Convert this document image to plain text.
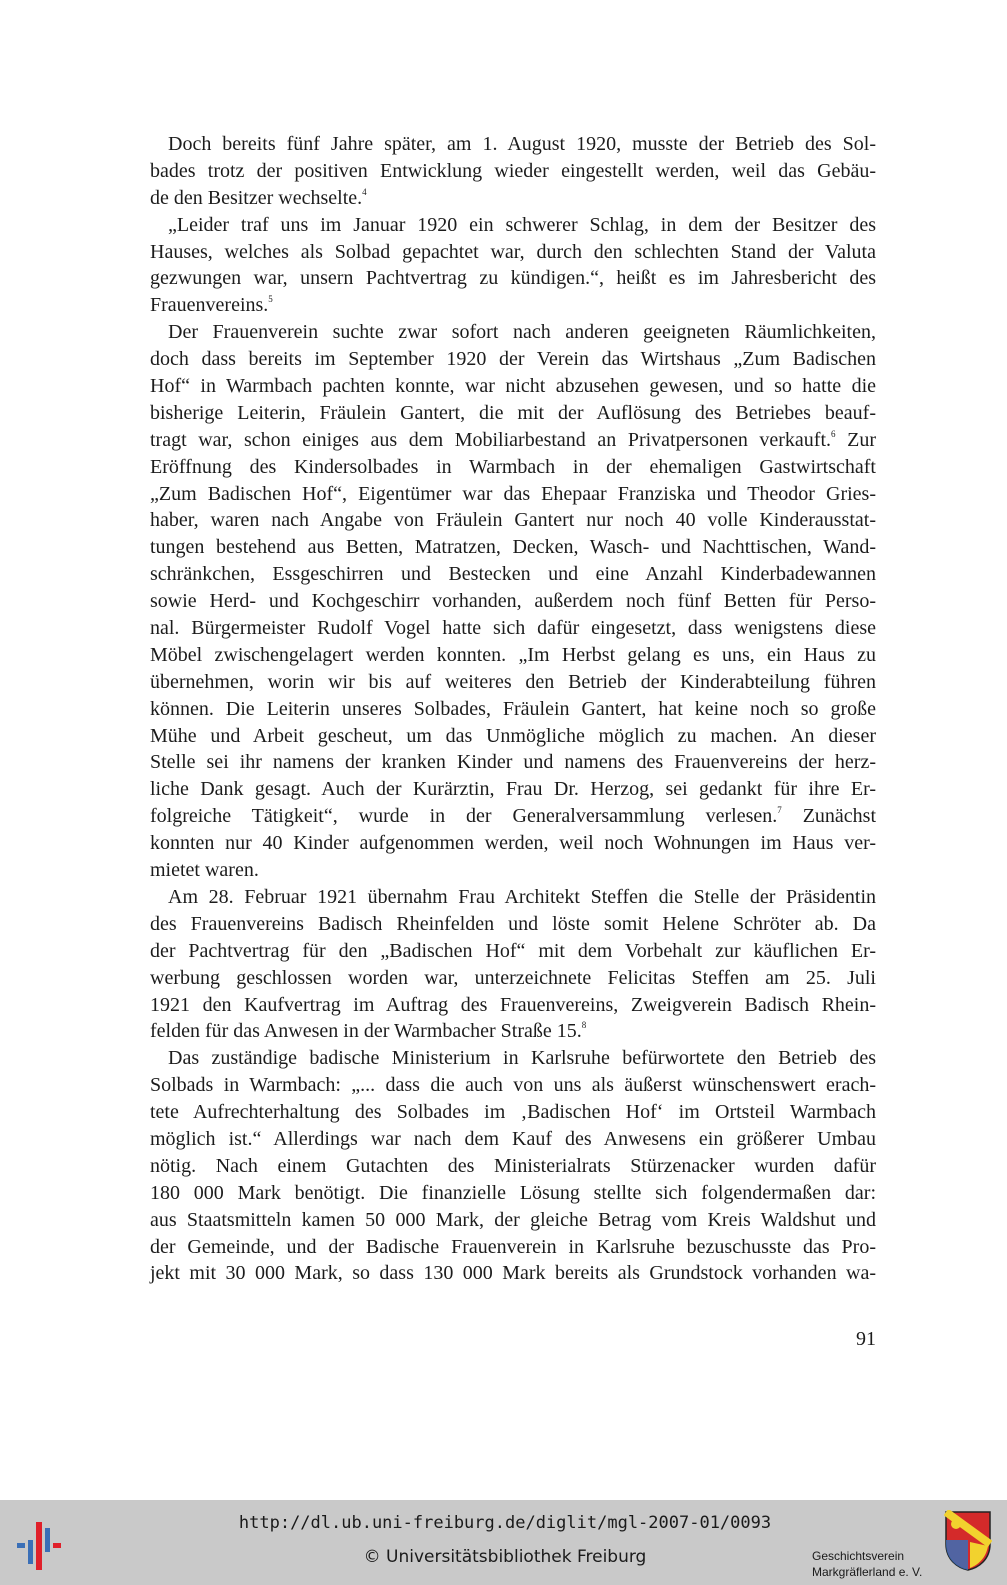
Doch bereits fünf Jahre später, am 1. August 1920, musste der Betrieb des Sol-
bades trotz der positiven Entwicklung wieder eingestellt werden, weil das Gebäu-
de den Besitzer wechselte.$^4$
„Leider traf uns im Januar 1920 ein schwerer Schlag, in dem der Besitzer des
Hauses, welches als Solbad gepachtet war, durch den schlechten Stand der Valuta
gezwungen war, unsern Pachtvertrag zu kündigen.“, heißt es im Jahresbericht des
Frauenvereins.$^5$
Der Frauenverein suchte zwar sofort nach anderen geeigneten Räumlichkeiten,
doch dass bereits im September 1920 der Verein das Wirtshaus „Zum Badischen
Hof“ in Warmbach pachten konnte, war nicht abzusehen gewesen, und so hatte die
bisherige Leiterin, Fräulein Gantert, die mit der Auflösung des Betriebes beauf-
tragt war, schon einiges aus dem Mobiliarbestand an Privatpersonen verkauft.$^6$ Zur
Eröffnung des Kindersolbades in Warmbach in der ehemaligen Gastwirtschaft
„Zum Badischen Hof“, Eigentümer war das Ehepaar Franziska und Theodor Gries-
haber, waren nach Angabe von Fräulein Gantert nur noch 40 volle Kinderausstat-
tungen bestehend aus Betten, Matratzen, Decken, Wasch- und Nachttischen, Wand-
schränkchen, Essgeschirren und Bestecken und eine Anzahl Kinderbadewannen
sowie Herd- und Kochgeschirr vorhanden, außerdem noch fünf Betten für Perso-
nal. Bürgermeister Rudolf Vogel hatte sich dafür eingesetzt, dass wenigstens diese
Möbel zwischengelagert werden konnten. „Im Herbst gelang es uns, ein Haus zu
übernehmen, worin wir bis auf weiteres den Betrieb der Kinderabteilung führen
können. Die Leiterin unseres Solbades, Fräulein Gantert, hat keine noch so große
Mühe und Arbeit gescheut, um das Unmögliche möglich zu machen. An dieser
Stelle sei ihr namens der kranken Kinder und namens des Frauenvereins der herz-
liche Dank gesagt. Auch der Kurärztin, Frau Dr. Herzog, sei gedankt für ihre Er-
folgreiche Tätigkeit“, wurde in der Generalversammlung verlesen.$^7$ Zunächst
konnten nur 40 Kinder aufgenommen werden, weil noch Wohnungen im Haus ver-
mietet waren.
Am 28. Februar 1921 übernahm Frau Architekt Steffen die Stelle der Präsidentin
des Frauenvereins Badisch Rheinfelden und löste somit Helene Schröter ab. Da
der Pachtvertrag für den „Badischen Hof“ mit dem Vorbehalt zur käuflichen Er-
werbung geschlossen worden war, unterzeichnete Felicitas Steffen am 25. Juli
1921 den Kaufvertrag im Auftrag des Frauenvereins, Zweigverein Badisch Rhein-
felden für das Anwesen in der Warmbacher Straße 15.$^8$
Das zuständige badische Ministerium in Karlsruhe befürwortete den Betrieb des
Solbads in Warmbach: „... dass die auch von uns als äußerst wünschenswert erach-
tete Aufrechterhaltung des Solbades im ‚Badischen Hof‘ im Ortsteil Warmbach
möglich ist.“ Allerdings war nach dem Kauf des Anwesens ein größerer Umbau
nötig. Nach einem Gutachten des Ministerialrats Stürzenacker wurden dafür
180 000 Mark benötigt. Die finanzielle Lösung stellte sich folgendermaßen dar:
aus Staatsmitteln kamen 50 000 Mark, der gleiche Betrag vom Kreis Waldshut und
der Gemeinde, und der Badische Frauenverein in Karlsruhe bezuschusste das Pro-
jekt mit 30 000 Mark, so dass 130 000 Mark bereits als Grundstock vorhanden wa-
91
http://dl.ub.uni-freiburg.de/diglit/mgl-2007-01/0093
© Universitätsbibliothek Freiburg	Geschichtsverein
Markgräflerland e. V.
